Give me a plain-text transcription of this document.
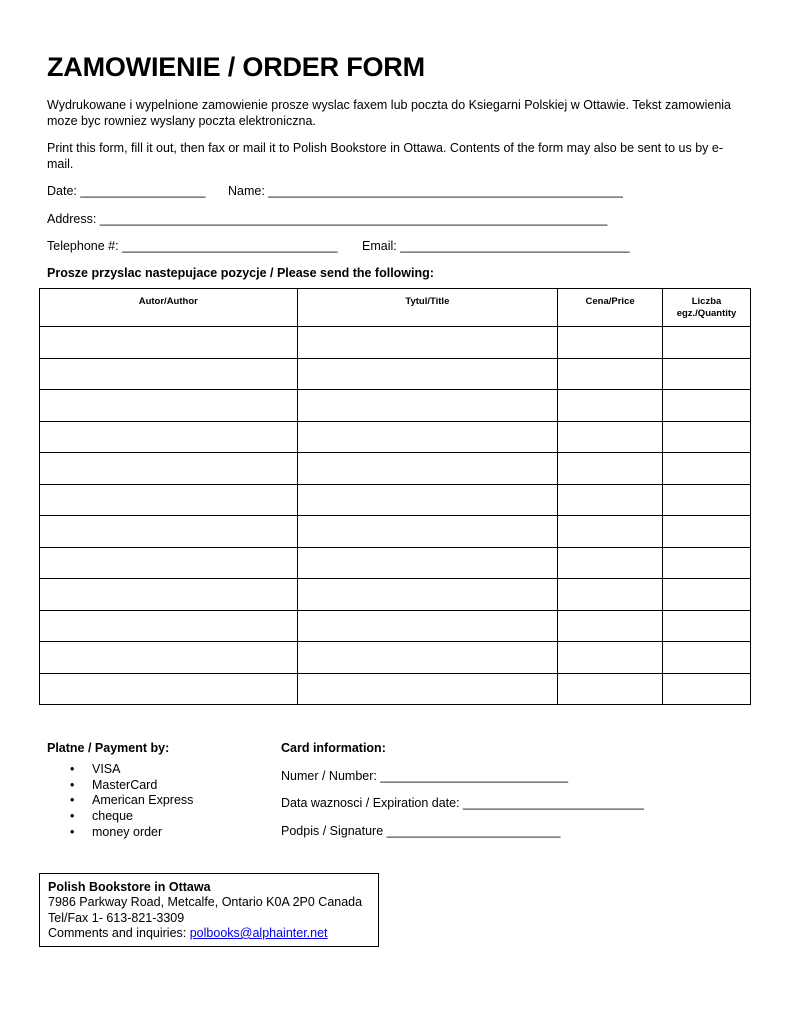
ZAMOWIENIE / ORDER FORM

Wydrukowane i wypelnione zamowienie prosze wyslac faxem lub poczta do Ksiegarni Polskiej w Ottawie. Tekst zamowienia moze byc rowniez wyslany poczta elektroniczna.

Print this form, fill it out, then fax or mail it to Polish Bookstore in Ottawa. Contents of the form may also be sent to us by e-mail.

Date: __________________ Name: ___________________________________________________
Address: _________________________________________________________________________
Telephone #: _______________________________ Email: _________________________________
Prosze przyslac nastepujace pozycje / Please send the following:
Autor/Author	Tytul/Title	Cena/Price	Liczba egz./Quantity

Platne / Payment by:
• VISA
• MasterCard
• American Express
• cheque
• money order
Card information:
Numer / Number: ___________________________
Data waznosci / Expiration date: __________________________
Podpis / Signature _________________________
Polish Bookstore in Ottawa
7986 Parkway Road, Metcalfe, Ontario K0A 2P0 Canada
Tel/Fax 1- 613-821-3309
Comments and inquiries: polbooks@alphainter.net
